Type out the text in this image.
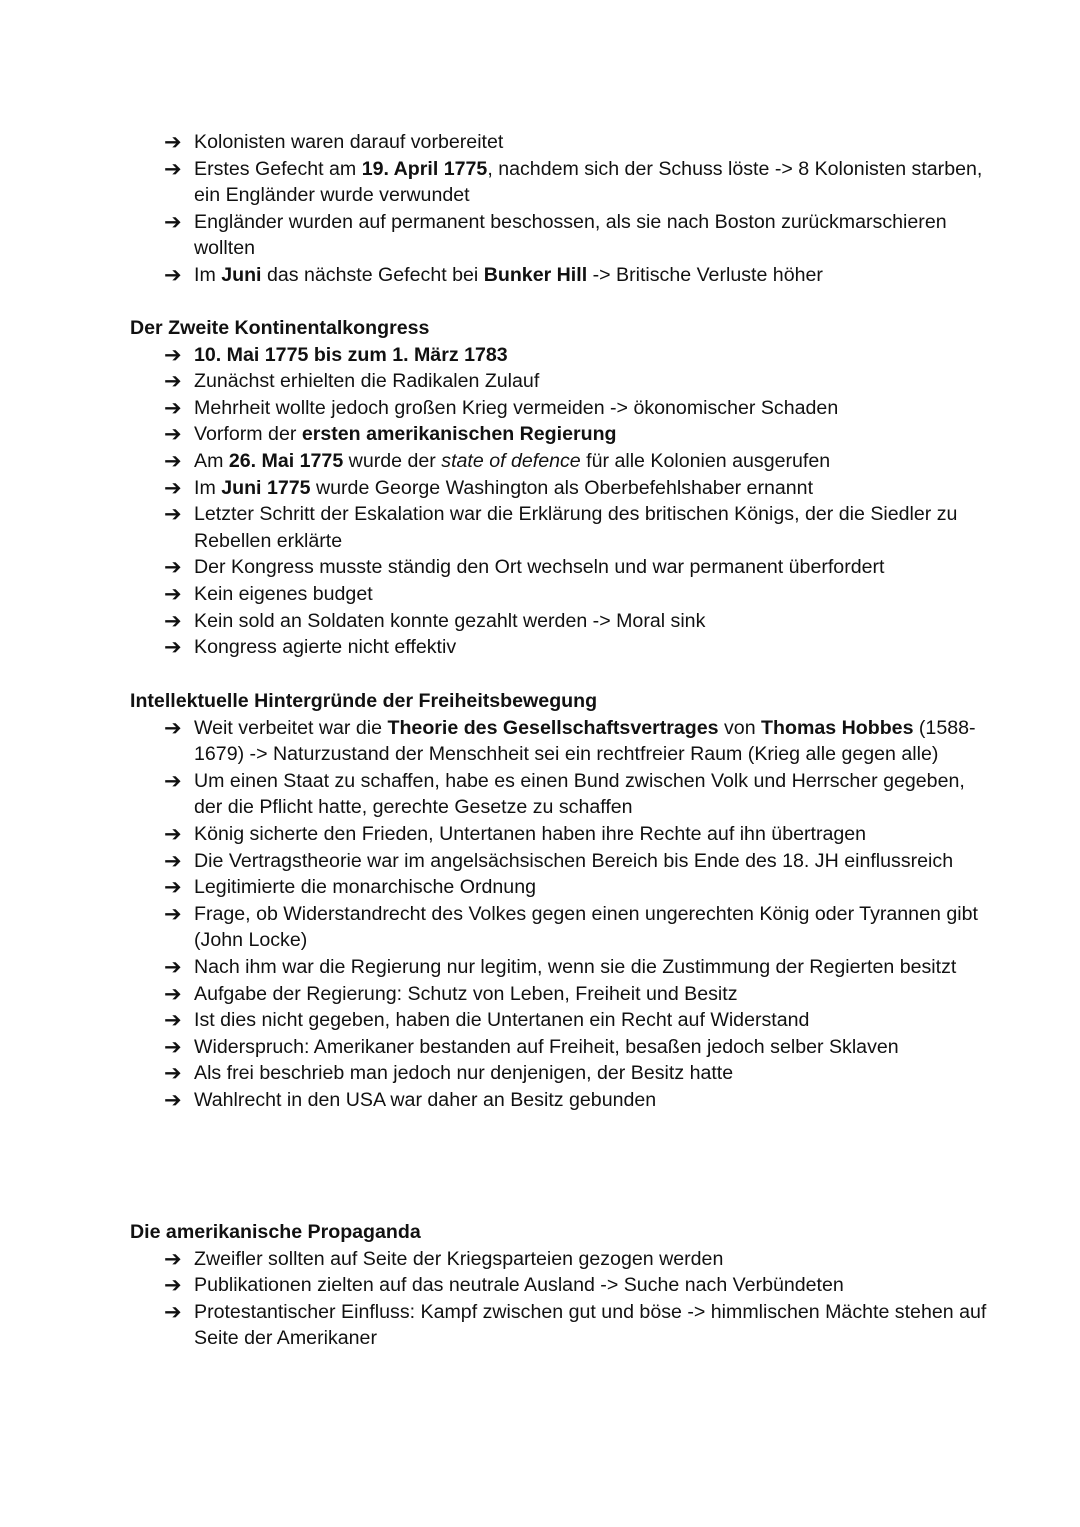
➔ Kolonisten waren darauf vorbereitet
➔ Erstes Gefecht am 19. April 1775, nachdem sich der Schuss löste -> 8 Kolonisten starben, ein Engländer wurde verwundet
➔ Engländer wurden auf permanent beschossen, als sie nach Boston zurückmarschieren wollten
➔ Im Juni das nächste Gefecht bei Bunker Hill -> Britische Verluste höher
Der Zweite Kontinentalkongress
➔ 10. Mai 1775 bis zum 1. März 1783
➔ Zunächst erhielten die Radikalen Zulauf
➔ Mehrheit wollte jedoch großen Krieg vermeiden -> ökonomischer Schaden
➔ Vorform der ersten amerikanischen Regierung
➔ Am 26. Mai 1775 wurde der state of defence für alle Kolonien ausgerufen
➔ Im Juni 1775 wurde George Washington als Oberbefehlshaber ernannt
➔ Letzter Schritt der Eskalation war die Erklärung des britischen Königs, der die Siedler zu Rebellen erklärte
➔ Der Kongress musste ständig den Ort wechseln und war permanent überfordert
➔ Kein eigenes budget
➔ Kein sold an Soldaten konnte gezahlt werden -> Moral sink
➔ Kongress agierte nicht effektiv
Intellektuelle Hintergründe der Freiheitsbewegung
➔ Weit verbeitet war die Theorie des Gesellschaftsvertrages von Thomas Hobbes (1588-1679) -> Naturzustand der Menschheit sei ein rechtfreier Raum (Krieg alle gegen alle)
➔ Um einen Staat zu schaffen, habe es einen Bund zwischen Volk und Herrscher gegeben, der die Pflicht hatte, gerechte Gesetze zu schaffen
➔ König sicherte den Frieden, Untertanen haben ihre Rechte auf ihn übertragen
➔ Die Vertragstheorie war im angelsächsischen Bereich bis Ende des 18. JH einflussreich
➔ Legitimierte die monarchische Ordnung
➔ Frage, ob Widerstandrecht des Volkes gegen einen ungerechten König oder Tyrannen gibt (John Locke)
➔ Nach ihm war die Regierung nur legitim, wenn sie die Zustimmung der Regierten besitzt
➔ Aufgabe der Regierung: Schutz von Leben, Freiheit und Besitz
➔ Ist dies nicht gegeben, haben die Untertanen ein Recht auf Widerstand
➔ Widerspruch: Amerikaner bestanden auf Freiheit, besaßen jedoch selber Sklaven
➔ Als frei beschrieb man jedoch nur denjenigen, der Besitz hatte
➔ Wahlrecht in den USA war daher an Besitz gebunden
Die amerikanische Propaganda
➔ Zweifler sollten auf Seite der Kriegsparteien gezogen werden
➔ Publikationen zielten auf das neutrale Ausland -> Suche nach Verbündeten
➔ Protestantischer Einfluss: Kampf zwischen gut und böse -> himmlischen Mächte stehen auf Seite der Amerikaner
